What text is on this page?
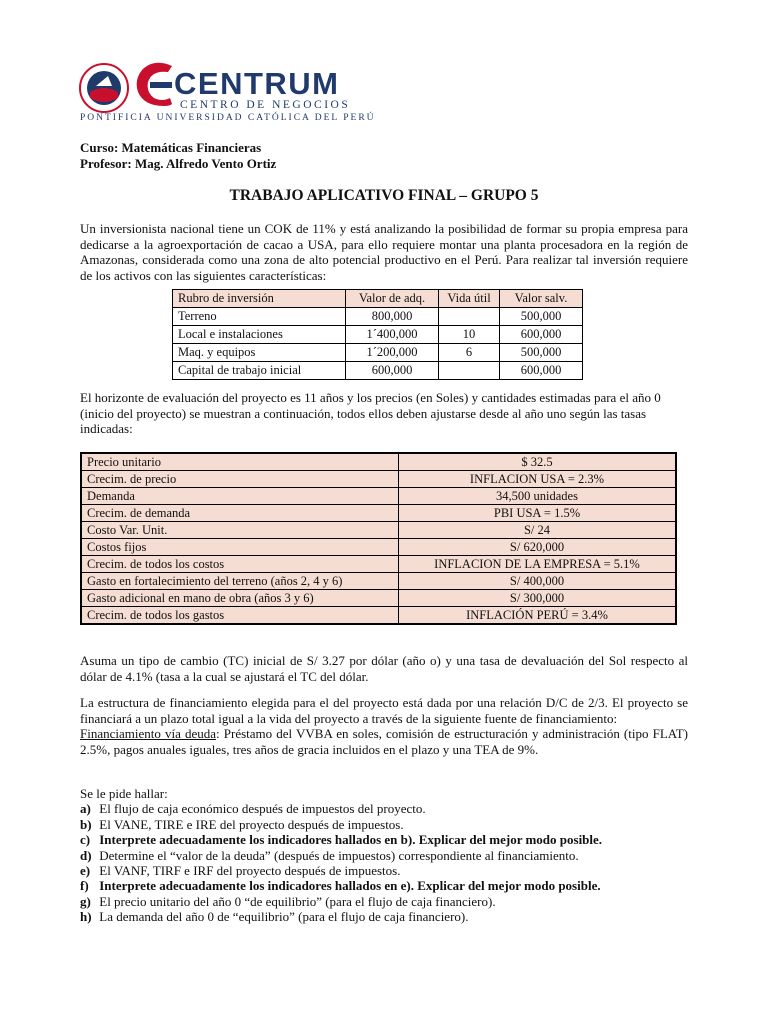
CENTRUM
CENTRO DE NEGOCIOS
PONTIFICIA UNIVERSIDAD CATÓLICA DEL PERÚ
Curso: Matemáticas Financieras
Profesor: Mag. Alfredo Vento Ortiz
TRABAJO APLICATIVO FINAL – GRUPO 5

Un inversionista nacional tiene un COK de 11% y está analizando la posibilidad de formar su propia empresa para dedicarse a la agroexportación de cacao a USA, para ello requiere montar una planta procesadora en la región de Amazonas, considerada como una zona de alto potencial productivo en el Perú. Para realizar tal inversión requiere de los activos con las siguientes características:

Rubro de inversión	Valor de adq.	Vida útil	Valor salv.
Terreno	800,000		500,000
Local e instalaciones	1´400,000	10	600,000
Maq. y equipos	1´200,000	6	500,000
Capital de trabajo inicial	600,000		600,000

El horizonte de evaluación del proyecto es 11 años y los precios (en Soles) y cantidades estimadas para el año 0 (inicio del proyecto) se muestran a continuación, todos ellos deben ajustarse desde al año uno según las tasas indicadas:

Precio unitario	$ 32.5
Crecim. de precio	INFLACION USA = 2.3%
Demanda	34,500 unidades
Crecim. de demanda	PBI USA = 1.5%
Costo Var. Unit.	S/ 24
Costos fijos	S/ 620,000
Crecim. de todos los costos	INFLACION DE LA EMPRESA = 5.1%
Gasto en fortalecimiento del terreno (años 2, 4 y 6)	S/ 400,000
Gasto adicional en mano de obra (años 3 y 6)	S/ 300,000
Crecim. de todos los gastos	INFLACIÓN PERÚ = 3.4%

Asuma un tipo de cambio (TC) inicial de S/ 3.27 por dólar (año o) y una tasa de devaluación del Sol respecto al dólar de 4.1% (tasa a la cual se ajustará el TC del dólar.

La estructura de financiamiento elegida para el del proyecto está dada por una relación D/C de 2/3. El proyecto se financiará a un plazo total igual a la vida del proyecto a través de la siguiente fuente de financiamiento:

Financiamiento vía deuda: Préstamo del VVBA en soles, comisión de estructuración y administración (tipo FLAT) 2.5%, pagos anuales iguales, tres años de gracia incluidos en el plazo y una TEA de 9%.

Se le pide hallar:
a) El flujo de caja económico después de impuestos del proyecto.
b) El VANE, TIRE e IRE del proyecto después de impuestos.
c) Interprete adecuadamente los indicadores hallados en b). Explicar del mejor modo posible.
d) Determine el “valor de la deuda” (después de impuestos) correspondiente al financiamiento.
e) El VANF, TIRF e IRF del proyecto después de impuestos.
f) Interprete adecuadamente los indicadores hallados en e). Explicar del mejor modo posible.
g) El precio unitario del año 0 “de equilibrio” (para el flujo de caja financiero).
h) La demanda del año 0 de “equilibrio” (para el flujo de caja financiero).
